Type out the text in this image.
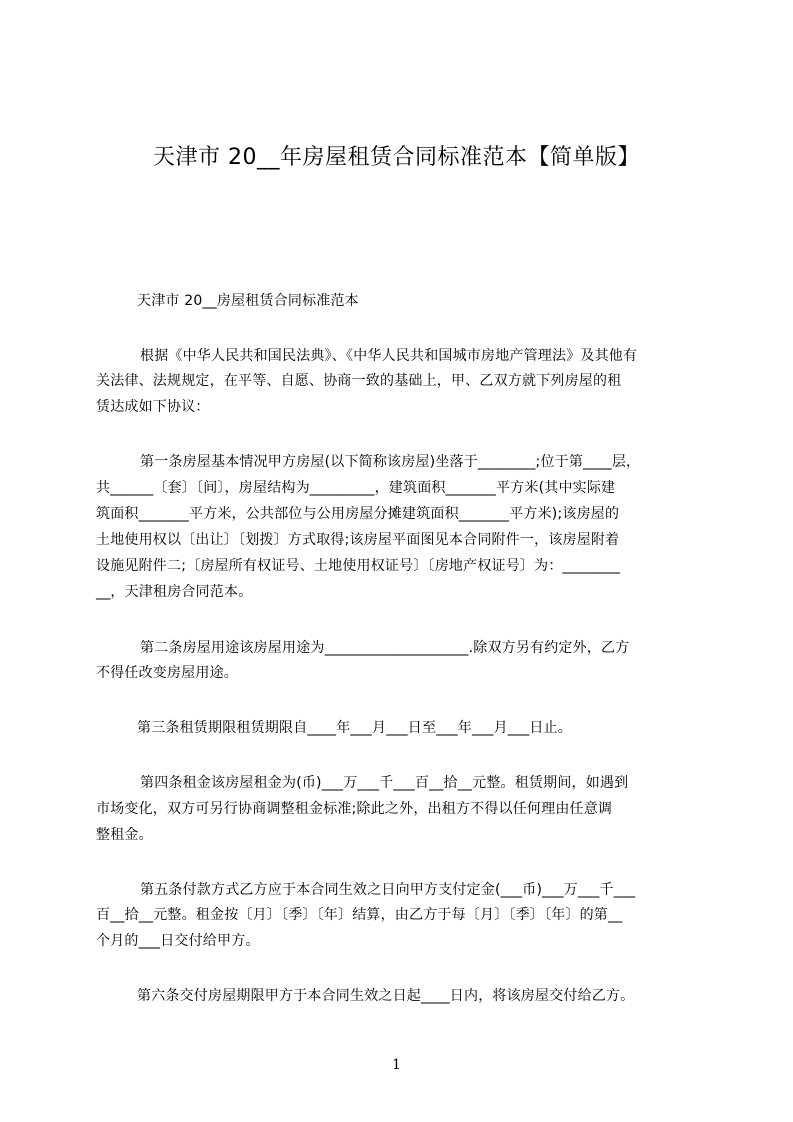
天津市 20__年房屋租赁合同标准范本【简单版】
天津市 20__房屋租赁合同标准范本
根据《中华人民共和国民法典》、《中华人民共和国城市房地产管理法》及其他有
关法律、法规规定，在平等、自愿、协商一致的基础上，甲、乙双方就下列房屋的租
赁达成如下协议：
第一条房屋基本情况甲方房屋(以下简称该房屋)坐落于________;位于第____层，
共______〔套〕〔间〕，房屋结构为_________，建筑面积_______平方米(其中实际建
筑面积_______平方米，公共部位与公用房屋分摊建筑面积_______平方米);该房屋的
土地使用权以〔出让〕〔划拨〕方式取得;该房屋平面图见本合同附件一，该房屋附着
设施见附件二;〔房屋所有权证号、土地使用权证号〕〔房地产权证号〕为：________
__，天津租房合同范本。
第二条房屋用途该房屋用途为____________________.除双方另有约定外，乙方
不得任改变房屋用途。
第三条租赁期限租赁期限自____年___月___日至___年___月___日止。
第四条租金该房屋租金为(币)___万___千___百__拾__元整。租赁期间，如遇到
市场变化，双方可另行协商调整租金标准;除此之外，出租方不得以任何理由任意调
整租金。
第五条付款方式乙方应于本合同生效之日向甲方支付定金(___币)___万___千___
百__拾__元整。租金按〔月〕〔季〕〔年〕结算，由乙方于每〔月〕〔季〕〔年〕的第__
个月的___日交付给甲方。
第六条交付房屋期限甲方于本合同生效之日起____日内，将该房屋交付给乙方。
1
